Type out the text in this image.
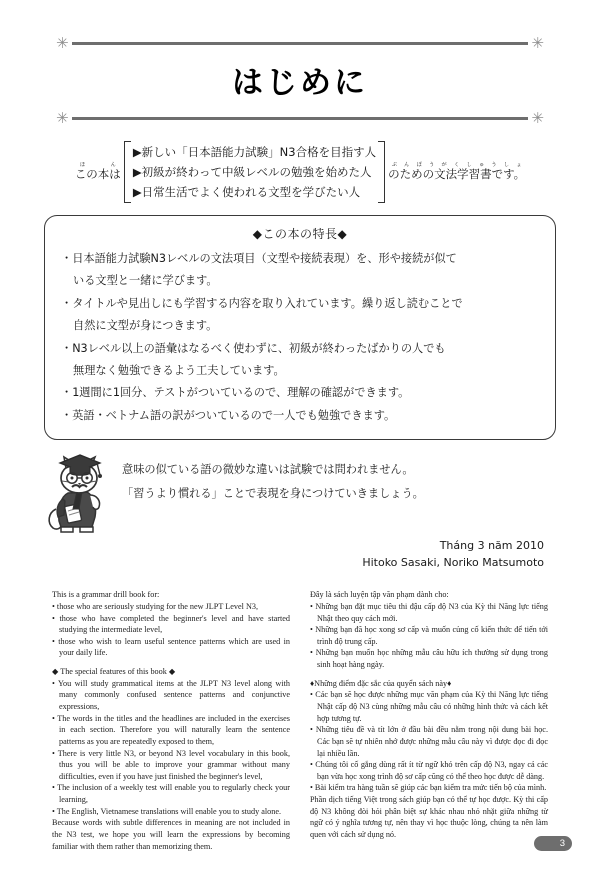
✳	✳
はじめに
✳	✳
この本はほん
▶新しい「日本語能力試験」N3合格を目指す人
▶初級が終わって中級レベルの勉強を始めた人
▶日常生活でよく使われる文型を学びたい人
のための文法学習書です。ぶんぽうがくしゅうしょ
◆この本の特長◆
・日本語能力試験N3レベルの文法項目（文型や接続表現）を、形や接続が似て
いる文型と一緒に学びます。
・タイトルや見出しにも学習する内容を取り入れています。繰り返し読むことで
自然に文型が身につきます。
・N3レベル以上の語彙はなるべく使わずに、初級が終わったばかりの人でも
無理なく勉強できるよう工夫しています。
・1週間に1回分、テストがついているので、理解の確認ができます。
・英語・ベトナム語の訳がついているので一人でも勉強できます。
意味の似ている語の微妙な違いは試験では問われません。
「習うより慣れる」ことで表現を身につけていきましょう。
Tháng 3 năm 2010
Hitoko Sasaki, Noriko Matsumoto

This is a grammar drill book for:

• those who are seriously studying for the new JLPT Level N3,

• those who have completed the beginner's level and have started studying the intermediate level,

• those who wish to learn useful sentence patterns which are used in your daily life.

◆ The special features of this book ◆

• You will study grammatical items at the JLPT N3 level along with many commonly confused sentence patterns and conjunctive expressions,

• The words in the titles and the headlines are included in the exercises in each section. Therefore you will naturally learn the sentence patterns as you are repeatedly exposed to them,

• There is very little N3, or beyond N3 level vocabulary in this book, thus you will be able to improve your grammar without many difficulties, even if you have just finished the beginner's level,

• The inclusion of a weekly test will enable you to regularly check your learning,

• The English, Vietnamese translations will enable you to study alone.

Because words with subtle differences in meaning are not included in the N3 test, we hope you will learn the expressions by becoming familiar with them rather than memorizing them.

Đây là sách luyện tập văn phạm dành cho:

• Những bạn đặt mục tiêu thi đậu cấp độ N3 của Kỳ thi Năng lực tiếng Nhật theo quy cách mới.

• Những bạn đã học xong sơ cấp và muốn củng cố kiến thức để tiến tới trình độ trung cấp.

• Những bạn muốn học những mẫu câu hữu ích thường sử dụng trong sinh hoạt hàng ngày.

♦Những điểm đặc sắc của quyển sách này♦

• Các bạn sẽ học được những mục văn phạm của Kỳ thi Năng lực tiếng Nhật cấp độ N3 cùng những mẫu câu có những hình thức và cách kết hợp tương tự.

• Những tiêu đề và tít lớn ở đầu bài đều nằm trong nội dung bài học. Các bạn sẽ tự nhiên nhớ được những mẫu câu này vì được đọc đi đọc lại nhiều lần.

• Chúng tôi cố gắng dùng rất ít từ ngữ khó trên cấp độ N3, ngay cả các bạn vừa học xong trình độ sơ cấp cũng có thể theo học được dễ dàng.

• Bài kiểm tra hàng tuần sẽ giúp các bạn kiểm tra mức tiến bộ của mình.

Phần dịch tiếng Việt trong sách giúp bạn có thể tự học được. Kỳ thi cấp độ N3 không đòi hỏi phân biệt sự khác nhau nhỏ nhặt giữa những từ ngữ có ý nghĩa tương tự, nên thay vì học thuộc lòng, chúng ta nên làm quen với cách sử dụng nó.

3
